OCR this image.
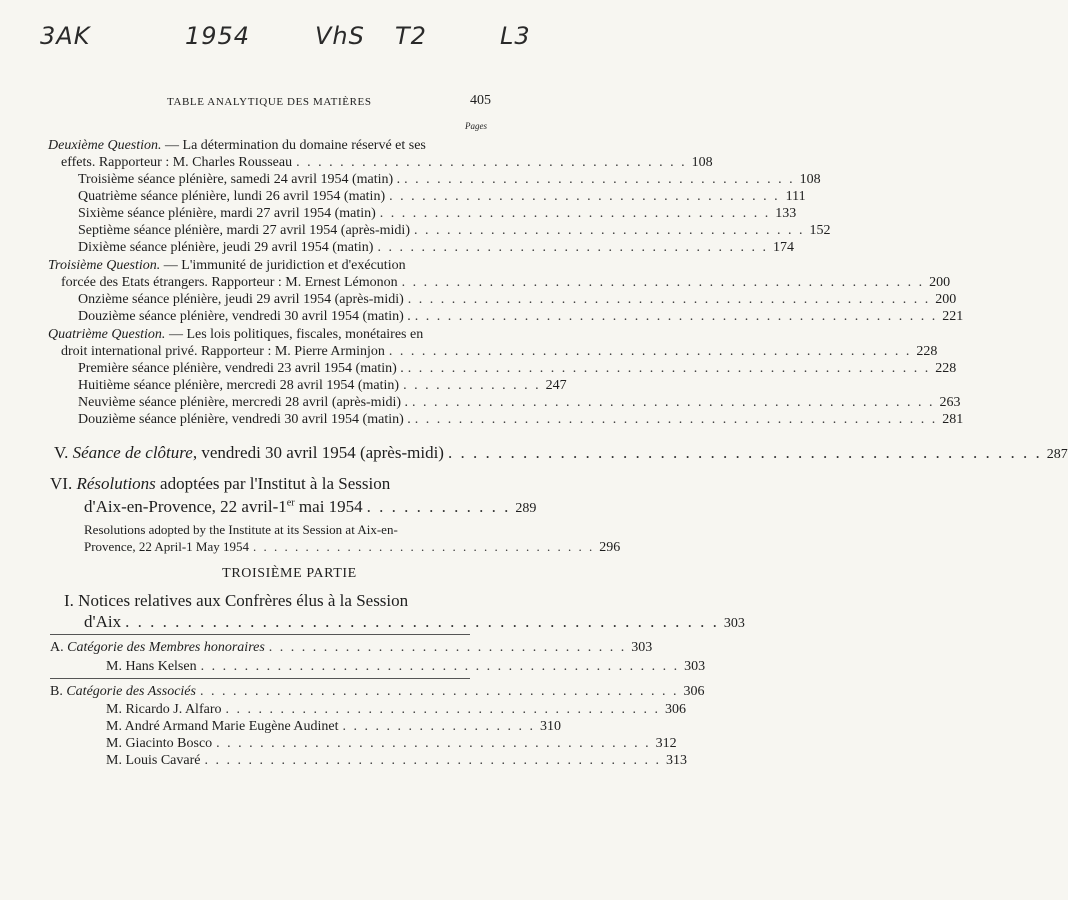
3AK	1954	VhS T2	L3
TABLE ANALYTIQUE DES MATIÈRES	405
Pages
Deuxième Question. — La détermination du domaine réservé et ses
effets. Rapporteur : M. Charles Rousseau . . . . . . . . . . . . . . . . . . . . . . . . . . . . . . . . . . . . 108
Troisième séance plénière, samedi 24 avril 1954 (matin) . . . . . . . . . . . . . . . . . . . . . . . . . . . . . . . . . . . . . 108
Quatrième séance plénière, lundi 26 avril 1954 (matin) . . . . . . . . . . . . . . . . . . . . . . . . . . . . . . . . . . . . 111
Sixième séance plénière, mardi 27 avril 1954 (matin) . . . . . . . . . . . . . . . . . . . . . . . . . . . . . . . . . . . . 133
Septième séance plénière, mardi 27 avril 1954 (après-midi) . . . . . . . . . . . . . . . . . . . . . . . . . . . . . . . . . . . . 152
Dixième séance plénière, jeudi 29 avril 1954 (matin) . . . . . . . . . . . . . . . . . . . . . . . . . . . . . . . . . . . . 174
Troisième Question. — L'immunité de juridiction et d'exécution
forcée des Etats étrangers. Rapporteur : M. Ernest Lémonon . . . . . . . . . . . . . . . . . . . . . . . . . . . . . . . . . . . . . . . . . . . . . . . . 200
Onzième séance plénière, jeudi 29 avril 1954 (après-midi) . . . . . . . . . . . . . . . . . . . . . . . . . . . . . . . . . . . . . . . . . . . . . . . . 200
Douzième séance plénière, vendredi 30 avril 1954 (matin) . . . . . . . . . . . . . . . . . . . . . . . . . . . . . . . . . . . . . . . . . . . . . . . . . 221
Quatrième Question. — Les lois politiques, fiscales, monétaires en
droit international privé. Rapporteur : M. Pierre Arminjon . . . . . . . . . . . . . . . . . . . . . . . . . . . . . . . . . . . . . . . . . . . . . . . . 228
Première séance plénière, vendredi 23 avril 1954 (matin) . . . . . . . . . . . . . . . . . . . . . . . . . . . . . . . . . . . . . . . . . . . . . . . . . 228
Huitième séance plénière, mercredi 28 avril 1954 (matin) . . . . . . . . . . . . . 247
Neuvième séance plénière, mercredi 28 avril (après-midi) . . . . . . . . . . . . . . . . . . . . . . . . . . . . . . . . . . . . . . . . . . . . . . . . . 263
Douzième séance plénière, vendredi 30 avril 1954 (matin) . . . . . . . . . . . . . . . . . . . . . . . . . . . . . . . . . . . . . . . . . . . . . . . . . 281
V. Séance de clôture, vendredi 30 avril 1954 (après-midi) . . . . . . . . . . . . . . . . . . . . . . . . . . . . . . . . . . . . . . . . . . . . . . . . 287
VI. Résolutions adoptées par l'Institut à la Session
d'Aix-en-Provence, 22 avril-1er mai 1954 . . . . . . . . . . . . 289
Resolutions adopted by the Institute at its Session at Aix-en-
Provence, 22 April-1 May 1954 . . . . . . . . . . . . . . . . . . . . . . . . . . . . . . . . . 296
TROISIÈME PARTIE
I. Notices relatives aux Confrères élus à la Session
d'Aix . . . . . . . . . . . . . . . . . . . . . . . . . . . . . . . . . . . . . . . . . . . . . . . . 303
A. Catégorie des Membres honoraires . . . . . . . . . . . . . . . . . . . . . . . . . . . . . . . . . 303
M. Hans Kelsen . . . . . . . . . . . . . . . . . . . . . . . . . . . . . . . . . . . . . . . . . . . . 303
B. Catégorie des Associés . . . . . . . . . . . . . . . . . . . . . . . . . . . . . . . . . . . . . . . . . . . . 306
M. Ricardo J. Alfaro . . . . . . . . . . . . . . . . . . . . . . . . . . . . . . . . . . . . . . . . 306
M. André Armand Marie Eugène Audinet . . . . . . . . . . . . . . . . . . 310
M. Giacinto Bosco . . . . . . . . . . . . . . . . . . . . . . . . . . . . . . . . . . . . . . . . 312
M. Louis Cavaré . . . . . . . . . . . . . . . . . . . . . . . . . . . . . . . . . . . . . . . . . . 313
